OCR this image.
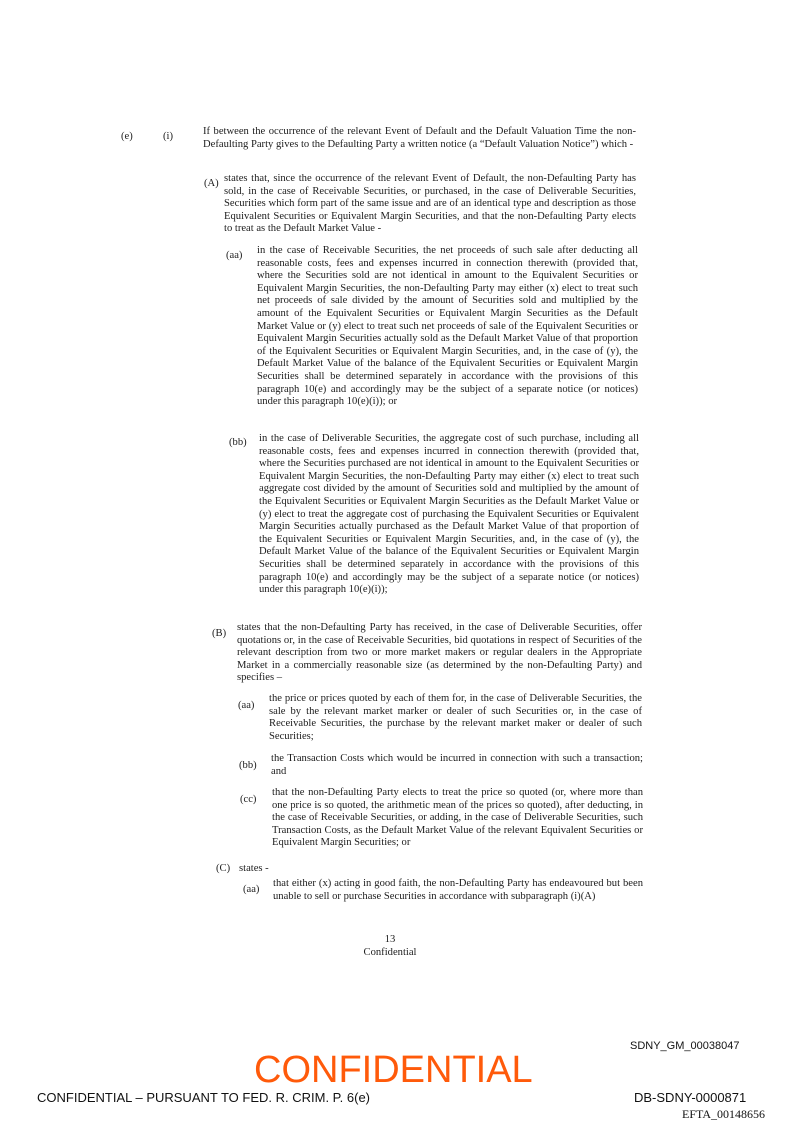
(e)	(i)	If between the occurrence of the relevant Event of Default and the Default Valuation Time the non-Defaulting Party gives to the Defaulting Party a written notice (a “Default Valuation Notice”) which -
(A) states that, since the occurrence of the relevant Event of Default, the non-Defaulting Party has sold, in the case of Receivable Securities, or purchased, in the case of Deliverable Securities, Securities which form part of the same issue and are of an identical type and description as those Equivalent Securities or Equivalent Margin Securities, and that the non-Defaulting Party elects to treat as the Default Market Value -
(aa) in the case of Receivable Securities, the net proceeds of such sale after deducting all reasonable costs, fees and expenses incurred in connection therewith (provided that, where the Securities sold are not identical in amount to the Equivalent Securities or Equivalent Margin Securities, the non-Defaulting Party may either (x) elect to treat such net proceeds of sale divided by the amount of Securities sold and multiplied by the amount of the Equivalent Securities or Equivalent Margin Securities as the Default Market Value or (y) elect to treat such net proceeds of sale of the Equivalent Securities or Equivalent Margin Securities actually sold as the Default Market Value of that proportion of the Equivalent Securities or Equivalent Margin Securities, and, in the case of (y), the Default Market Value of the balance of the Equivalent Securities or Equivalent Margin Securities shall be determined separately in accordance with the provisions of this paragraph 10(e) and accordingly may be the subject of a separate notice (or notices) under this paragraph 10(e)(i)); or
(bb) in the case of Deliverable Securities, the aggregate cost of such purchase, including all reasonable costs, fees and expenses incurred in connection therewith (provided that, where the Securities purchased are not identical in amount to the Equivalent Securities or Equivalent Margin Securities, the non-Defaulting Party may either (x) elect to treat such aggregate cost divided by the amount of Securities sold and multiplied by the amount of the Equivalent Securities or Equivalent Margin Securities as the Default Market Value or (y) elect to treat the aggregate cost of purchasing the Equivalent Securities or Equivalent Margin Securities actually purchased as the Default Market Value of that proportion of the Equivalent Securities or Equivalent Margin Securities, and, in the case of (y), the Default Market Value of the balance of the Equivalent Securities or Equivalent Margin Securities shall be determined separately in accordance with the provisions of this paragraph 10(e) and accordingly may be the subject of a separate notice (or notices) under this paragraph 10(e)(i));
(B)
states that the non-Defaulting Party has received, in the case of Deliverable Securities, offer quotations or, in the case of Receivable Securities, bid quotations in respect of Securities of the relevant description from two or more market makers or regular dealers in the Appropriate Market in a commercially reasonable size (as determined by the non-Defaulting Party) and specifies –
(aa)
the price or prices quoted by each of them for, in the case of Deliverable Securities, the sale by the relevant market marker or dealer of such Securities or, in the case of Receivable Securities, the purchase by the relevant market maker or dealer of such Securities;
(bb)
the Transaction Costs which would be incurred in connection with such a transaction; and
(cc)
that the non-Defaulting Party elects to treat the price so quoted (or, where more than one price is so quoted, the arithmetic mean of the prices so quoted), after deducting, in the case of Receivable Securities, or adding, in the case of Deliverable Securities, such Transaction Costs, as the Default Market Value of the relevant Equivalent Securities or Equivalent Margin Securities; or
(C) states -
(aa)
that either (x) acting in good faith, the non-Defaulting Party has endeavoured but been unable to sell or purchase Securities in accordance with subparagraph (i)(A)
13
Confidential
SDNY_GM_00038047
CONFIDENTIAL
CONFIDENTIAL – PURSUANT TO FED. R. CRIM. P. 6(e)	DB-SDNY-0000871
EFTA_00148656
